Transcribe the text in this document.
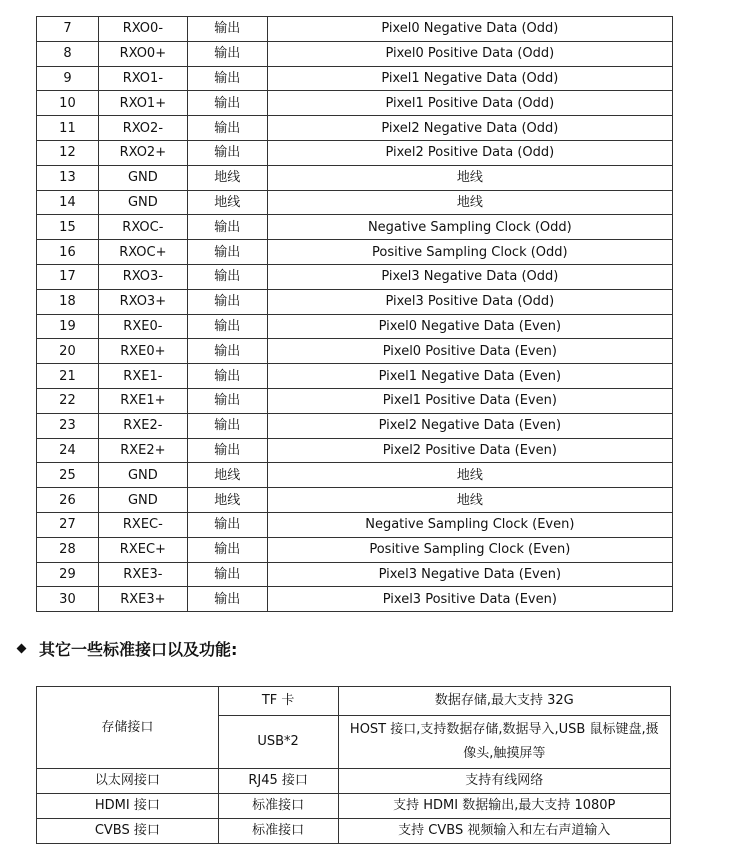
7	RXO0-	输出	Pixel0 Negative Data (Odd)
8	RXO0+	输出	Pixel0 Positive Data (Odd)
9	RXO1-	输出	Pixel1 Negative Data (Odd)
10	RXO1+	输出	Pixel1 Positive Data (Odd)
11	RXO2-	输出	Pixel2 Negative Data (Odd)
12	RXO2+	输出	Pixel2 Positive Data (Odd)
13	GND	地线	地线
14	GND	地线	地线
15	RXOC-	输出	Negative Sampling Clock (Odd)
16	RXOC+	输出	Positive Sampling Clock (Odd)
17	RXO3-	输出	Pixel3 Negative Data (Odd)
18	RXO3+	输出	Pixel3 Positive Data (Odd)
19	RXE0-	输出	Pixel0 Negative Data (Even)
20	RXE0+	输出	Pixel0 Positive Data (Even)
21	RXE1-	输出	Pixel1 Negative Data (Even)
22	RXE1+	输出	Pixel1 Positive Data (Even)
23	RXE2-	输出	Pixel2 Negative Data (Even)
24	RXE2+	输出	Pixel2 Positive Data (Even)
25	GND	地线	地线
26	GND	地线	地线
27	RXEC-	输出	Negative Sampling Clock (Even)
28	RXEC+	输出	Positive Sampling Clock (Even)
29	RXE3-	输出	Pixel3 Negative Data (Even)
30	RXE3+	输出	Pixel3 Positive Data (Even)
其它一些标准接口以及功能:
存储接口	TF 卡	数据存储,最大支持 32G
	USB*2	HOST 接口,支持数据存储,数据导入,USB 鼠标键盘,摄像头,触摸屏等
以太网接口	RJ45 接口	支持有线网络
HDMI 接口	标准接口	支持 HDMI 数据输出,最大支持 1080P
CVBS 接口	标准接口	支持 CVBS 视频输入和左右声道输入
